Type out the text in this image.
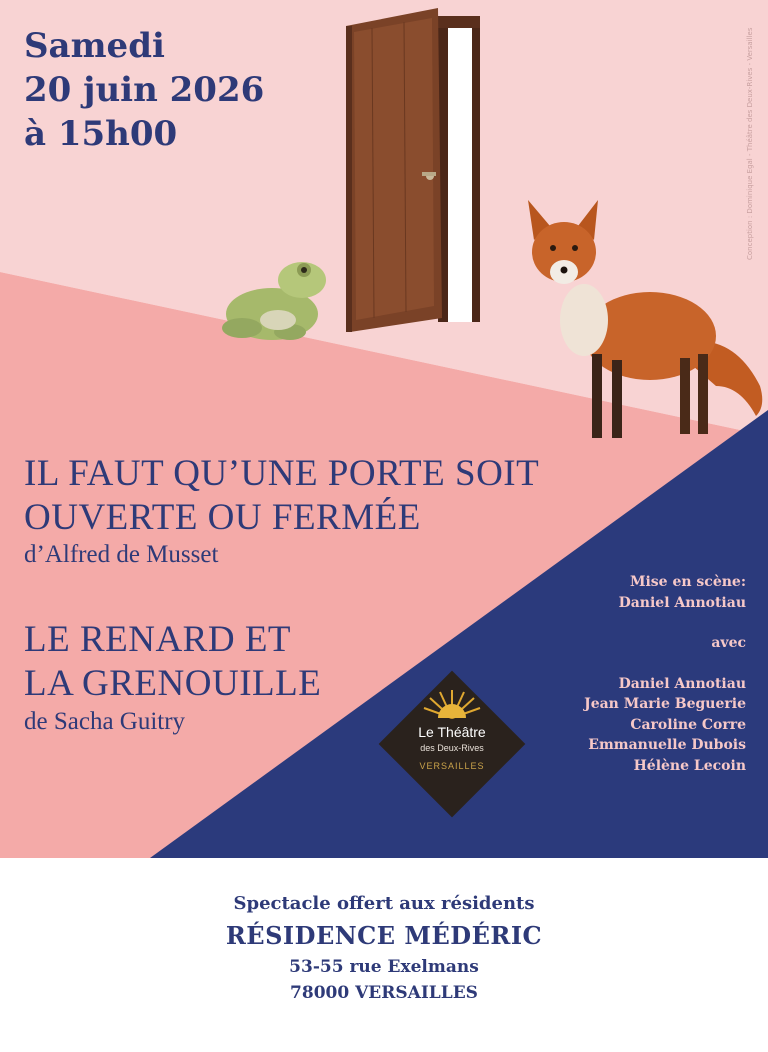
Samedi
20 juin 2026
à 15h00	Conception : Dominique Egal - Théâtre des Deux-Rives - Versailles
IL FAUT QU’UNE PORTE SOIT
OUVERTE OU FERMÉE
d’Alfred de Musset
LE RENARD ET
LA GRENOUILLE
de Sacha Guitry
Mise en scène:
Daniel Annotiau
avec
Daniel Annotiau
Jean Marie Beguerie
Caroline Corre
Emmanuelle Dubois
Hélène Lecoin
Le Théâtre
des Deux-Rives
VERSAILLES
Spectacle offert aux résidents
RÉSIDENCE MÉDÉRIC
53-55 rue Exelmans
78000 VERSAILLES
